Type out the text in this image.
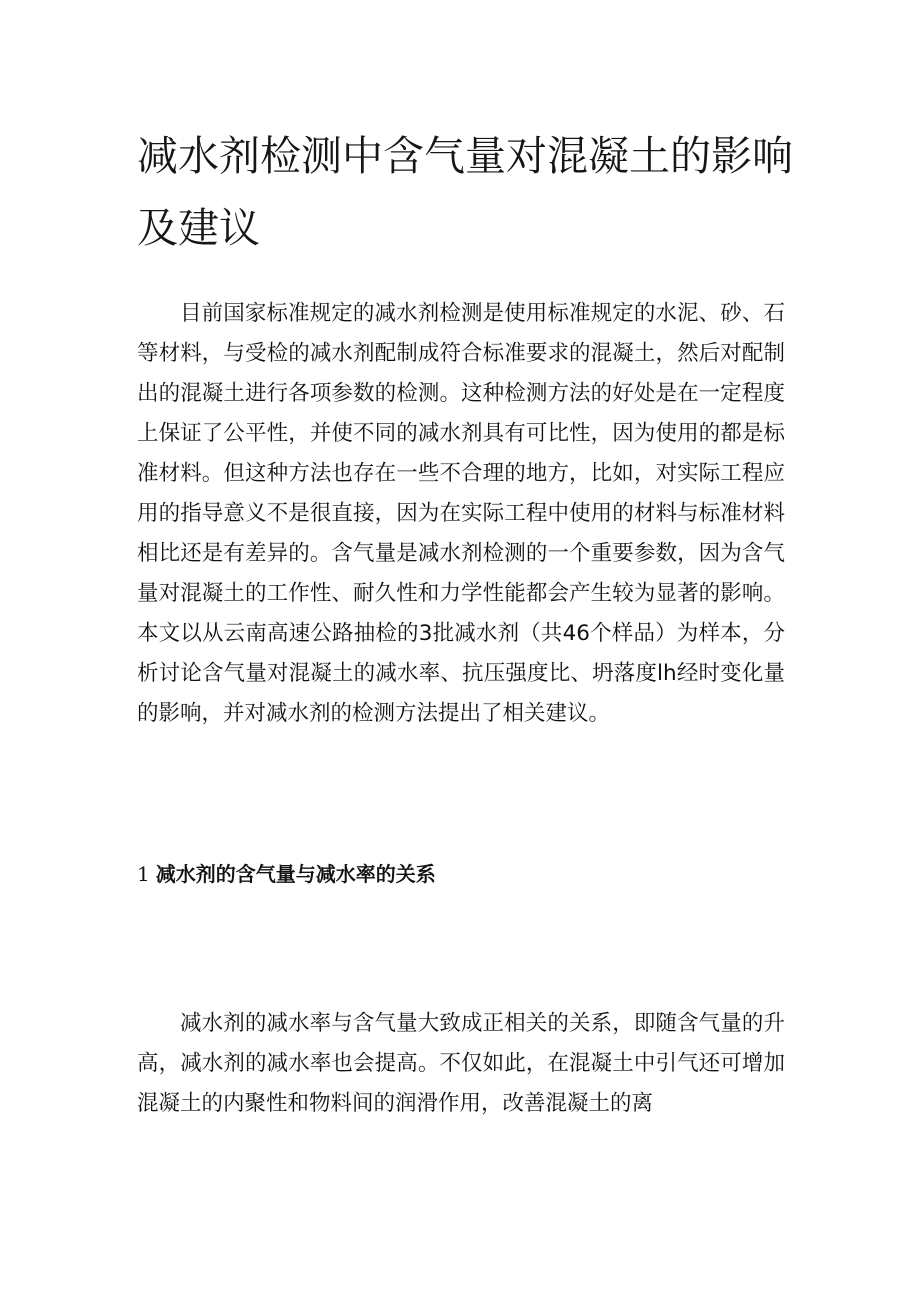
减水剂检测中含气量对混凝土的影响及建议

目前国家标准规定的减水剂检测是使用标准规定的水泥、砂、石等材料，与受检的减水剂配制成符合标准要求的混凝土，然后对配制出的混凝土进行各项参数的检测。这种检测方法的好处是在一定程度上保证了公平性，并使不同的减水剂具有可比性，因为使用的都是标准材料。但这种方法也存在一些不合理的地方，比如，对实际工程应用的指导意义不是很直接，因为在实际工程中使用的材料与标准材料相比还是有差异的。含气量是减水剂检测的一个重要参数，因为含气量对混凝土的工作性、耐久性和力学性能都会产生较为显著的影响。本文以从云南高速公路抽检的3批减水剂（共46个样品）为样本，分析讨论含气量对混凝土的减水率、抗压强度比、坍落度lh经时变化量的影响，并对减水剂的检测方法提出了相关建议。

1 减水剂的含气量与减水率的关系

减水剂的减水率与含气量大致成正相关的关系，即随含气量的升高，减水剂的减水率也会提高。不仅如此，在混凝土中引气还可增加混凝土的内聚性和物料间的润滑作用，改善混凝土的离
